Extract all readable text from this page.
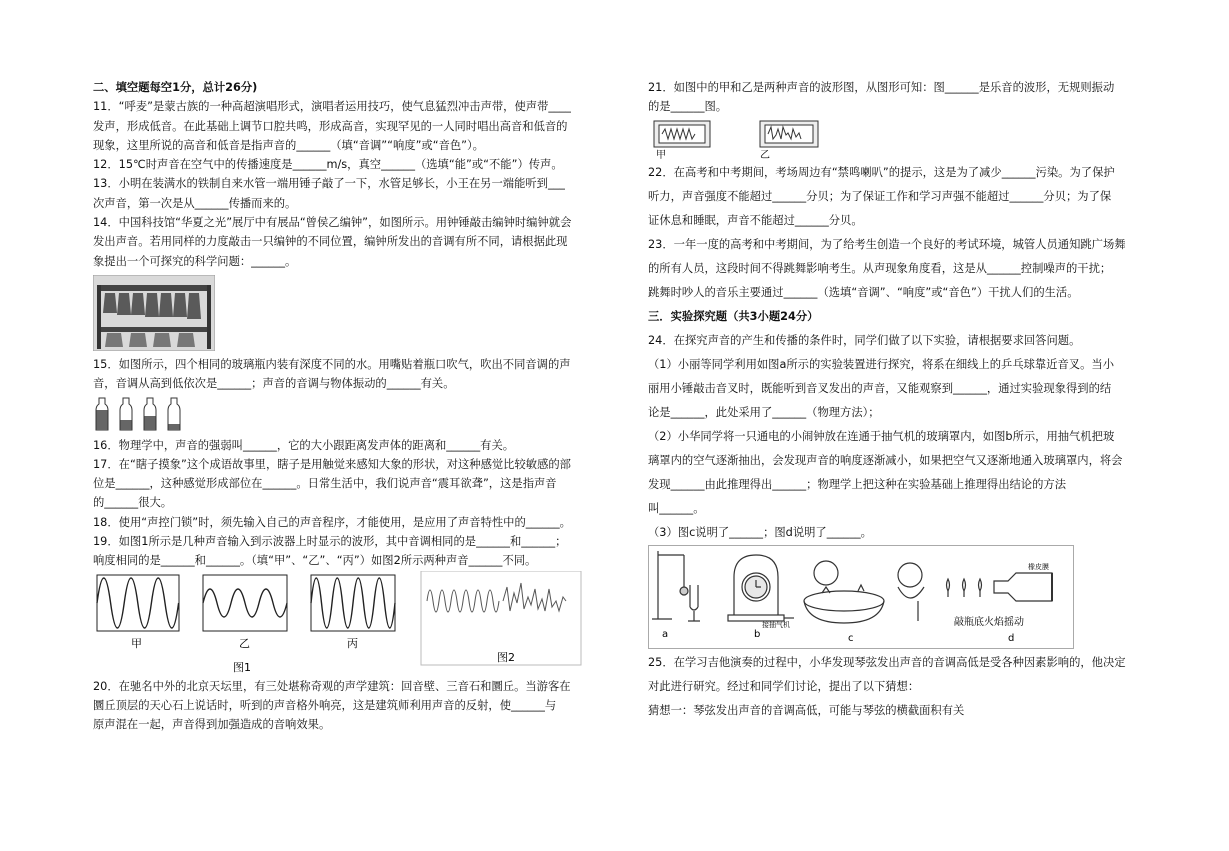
二、填空题每空1分，总计26分)
11．“呼麦”是蒙古族的一种高超演唱形式，演唱者运用技巧，使气息猛烈冲击声带，使声带____
发声，形成低音。在此基础上调节口腔共鸣，形成高音，实现罕见的一人同时唱出高音和低音的
现象，这里所说的高音和低音是指声音的______（填“音调”“响度”或“音色”）。
12．15℃时声音在空气中的传播速度是______m/s，真空______（选填“能”或“不能”）传声。
13．小明在装满水的铁制自来水管一端用锤子敲了一下，水管足够长，小王在另一端能听到___
次声音，第一次是从______传播而来的。
14．中国科技馆“华夏之光”展厅中有展品“曾侯乙编钟”，如图所示。用钟锤敲击编钟时编钟就会
发出声音。若用同样的力度敲击一只编钟的不同位置，编钟所发出的音调有所不同，请根据此现
象提出一个可探究的科学问题：______。
15．如图所示，四个相同的玻璃瓶内装有深度不同的水。用嘴贴着瓶口吹气，吹出不同音调的声
音，音调从高到低依次是______；声音的音调与物体振动的______有关。
16．物理学中，声音的强弱叫______，它的大小跟距离发声体的距离和______有关。
17．在“瞎子摸象”这个成语故事里，瞎子是用触觉来感知大象的形状，对这种感觉比较敏感的部
位是______，这种感觉形成部位在______。日常生活中，我们说声音“震耳欲聋”，这是指声音
的______很大。
18．使用“声控门锁”时，须先输入自己的声音程序，才能使用，是应用了声音特性中的______。
19．如图1所示是几种声音输入到示波器上时显示的波形，其中音调相同的是______和______；
响度相同的是______和______。（填“甲”、“乙”、“丙”）如图2所示两种声音______不同。
甲	乙	丙
图1
图2
20．在驰名中外的北京天坛里，有三处堪称奇观的声学建筑：回音壁、三音石和圜丘。当游客在
圜丘顶层的天心石上说话时，听到的声音格外响亮，这是建筑师利用声音的反射，使______与
原声混在一起，声音得到加强造成的音响效果。
21．如图中的甲和乙是两种声音的波形图，从图形可知：图______是乐音的波形，无规则振动
的是______图。
甲	乙
22．在高考和中考期间，考场周边有“禁鸣喇叭”的提示，这是为了减少______污染。为了保护
听力，声音强度不能超过______分贝；为了保证工作和学习声强不能超过______分贝；为了保
证休息和睡眠，声音不能超过______分贝。
23．一年一度的高考和中考期间，为了给考生创造一个良好的考试环境，城管人员通知跳广场舞
的所有人员，这段时间不得跳舞影响考生。从声现象角度看，这是从______控制噪声的干扰；
跳舞时吵人的音乐主要通过______（选填“音调”、“响度”或“音色”）干扰人们的生活。
三．实验探究题（共3小题24分）
24．在探究声音的产生和传播的条件时，同学们做了以下实验，请根据要求回答问题。
（1）小丽等同学利用如图a所示的实验装置进行探究，将系在细线上的乒乓球靠近音叉。当小
丽用小锤敲击音叉时，既能听到音叉发出的声音，又能观察到______，通过实验现象得到的结
论是______，此处采用了______（物理方法）；
（2）小华同学将一只通电的小闹钟放在连通于抽气机的玻璃罩内，如图b所示，用抽气机把玻
璃罩内的空气逐渐抽出，会发现声音的响度逐渐减小，如果把空气又逐渐地通入玻璃罩内，将会
发现______由此推理得出______；物理学上把这种在实验基础上推理得出结论的方法
叫______。
（3）图c说明了______；图d说明了______。
a	b
接抽气机
c
橡皮膜
敲瓶底火焰摇动
d
25．在学习吉他演奏的过程中，小华发现琴弦发出声音的音调高低是受各种因素影响的，他决定
对此进行研究。经过和同学们讨论，提出了以下猜想：
猜想一：琴弦发出声音的音调高低，可能与琴弦的横截面积有关
